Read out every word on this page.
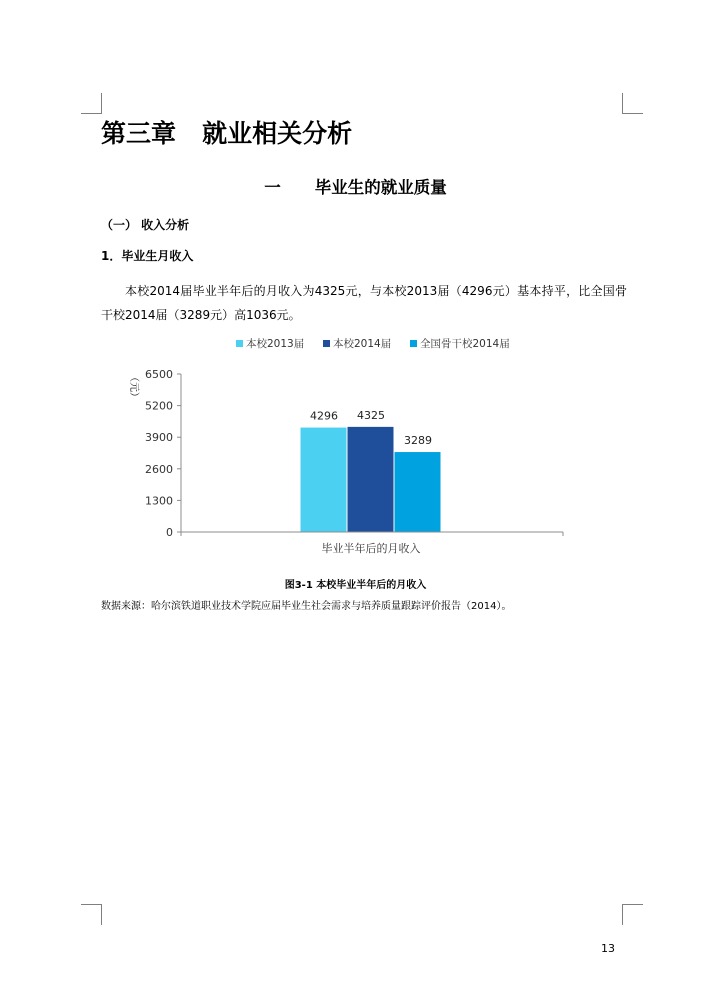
第三章   就业相关分析
一 毕业生的就业质量
（一） 收入分析
1．毕业生月收入
本校2014届毕业半年后的月收入为4325元，与本校2013届（4296元）基本持平，比全国骨干校2014届（3289元）高1036元。
本校2013届	本校2014届	全国骨干校2014届
（元）
0
1300
2600
3900
5200
6500
4296 4325
3289
毕业半年后的月收入
图3-1 本校毕业半年后的月收入
数据来源：哈尔滨铁道职业技术学院应届毕业生社会需求与培养质量跟踪评价报告（2014）。
13
